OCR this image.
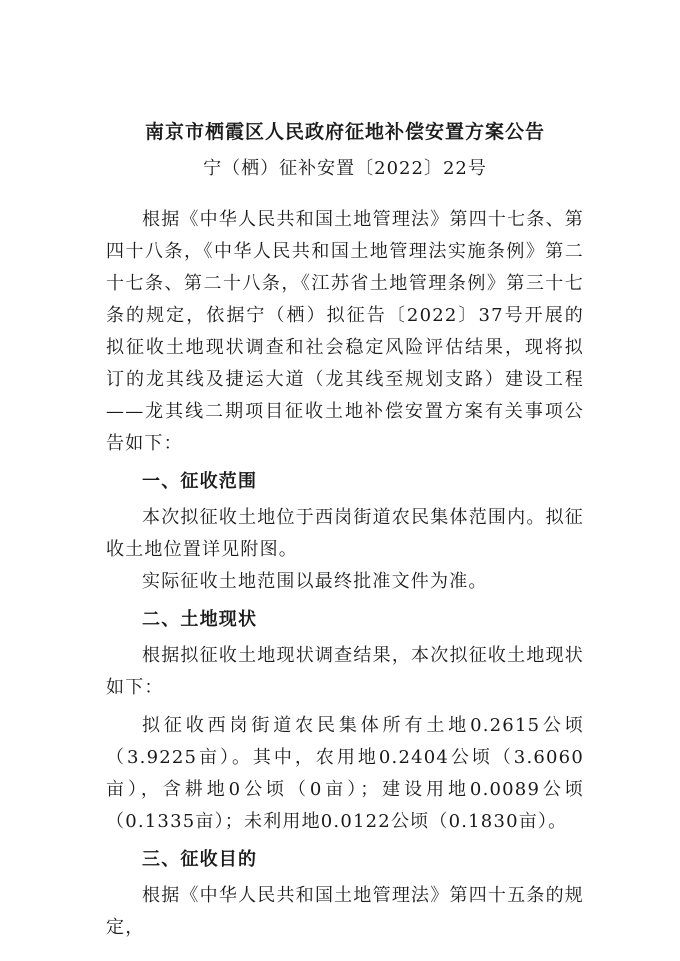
南京市栖霞区人民政府征地补偿安置方案公告
宁（栖）征补安置〔2022〕22号

根据《中华人民共和国土地管理法》第四十七条、第四十八条，《中华人民共和国土地管理法实施条例》第二十七条、第二十八条，《江苏省土地管理条例》第三十七条的规定，依据宁（栖）拟征告〔2022〕37号开展的拟征收土地现状调查和社会稳定风险评估结果，现将拟订的龙其线及捷运大道（龙其线至规划支路）建设工程——龙其线二期项目征收土地补偿安置方案有关事项公告如下：

一、征收范围

本次拟征收土地位于西岗街道农民集体范围内。拟征收土地位置详见附图。

实际征收土地范围以最终批准文件为准。

二、土地现状

根据拟征收土地现状调查结果，本次拟征收土地现状如下：

拟征收西岗街道农民集体所有土地0.2615公顷（3.9225亩）。其中，农用地0.2404公顷（3.6060亩），含耕地0公顷（0亩）；建设用地0.0089公顷（0.1335亩）；未利用地0.0122公顷（0.1830亩）。

三、征收目的

根据《中华人民共和国土地管理法》第四十五条的规定，
